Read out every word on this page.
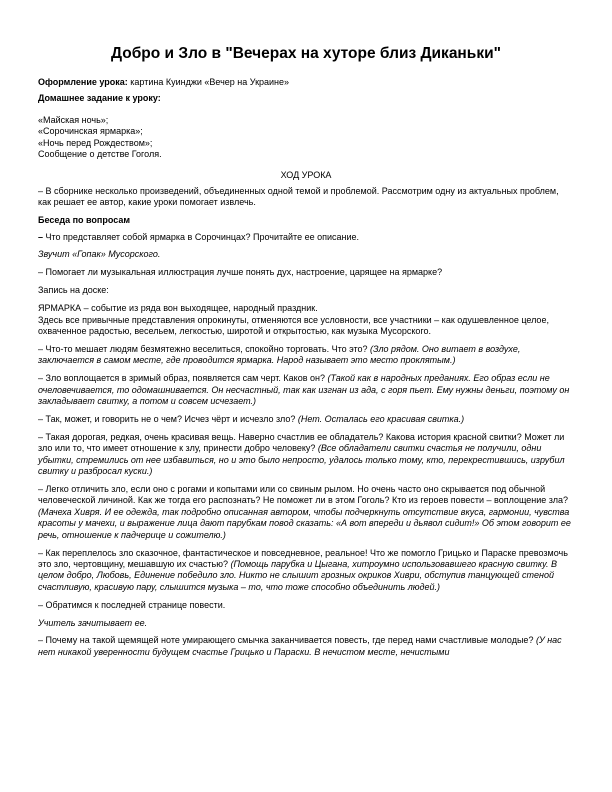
Добро и Зло в "Вечерах на хуторе близ Диканьки"

Оформление урока: картина Куинджи «Вечер на Украине»

Домашнее задание к уроку:

«Майская ночь»;
«Сорочинская ярмарка»;
«Ночь перед Рождеством»;
Сообщение о детстве Гоголя.

ХОД УРОКА

– В сборнике несколько произведений, объединенных одной темой и проблемой. Рассмотрим одну из актуальных проблем, как решает ее автор, какие уроки помогает извлечь.

Беседа по вопросам

– Что представляет собой ярмарка в Сорочинцах? Прочитайте ее описание.

Звучит «Гопак» Мусорского.

– Помогает ли музыкальная иллюстрация лучше понять дух, настроение, царящее на ярмарке?

Запись на доске:

ЯРМАРКА – событие из ряда вон выходящее, народный праздник.
Здесь все привычные представления опрокинуты, отменяются все условности, все участники – как одушевленное целое, охваченное радостью, весельем, легкостью, широтой и открытостью, как музыка Мусорского.

– Что-то мешает людям безмятежно веселиться, спокойно торговать. Что это? (Зло рядом. Оно витает в воздухе, заключается в самом месте, где проводится ярмарка. Народ называет это место проклятым.)

– Зло воплощается в зримый образ, появляется сам черт. Каков он? (Такой как в народных преданиях. Его образ если не очеловечивается, то одомашнивается. Он несчастный, так как изгнан из ада, с горя пьет. Ему нужны деньги, поэтому он закладывает свитку, а потом и совсем исчезает.)

– Так, может, и говорить не о чем? Исчез чёрт и исчезло зло? (Нет. Осталась его красивая свитка.)

– Такая дорогая, редкая, очень красивая вещь. Наверно счастлив ее обладатель? Какова история красной свитки? Может ли зло или то, что имеет отношение к злу, принести добро человеку? (Все обладатели свитки счастья не получили, одни убытки, стремились от нее избавиться, но и это было непросто, удалось только тому, кто, перекрестившись, изрубил свитку и разбросал куски.)

– Легко отличить зло, если оно с рогами и копытами или со свиным рылом. Но очень часто оно скрывается под обычной человеческой личиной. Как же тогда его распознать? Не поможет ли в этом Гоголь? Кто из героев повести – воплощение зла? (Мачеха Хивря. И ее одежда, так подробно описанная автором, чтобы подчеркнуть отсутствие вкуса, гармонии, чувства красоты у мачехи, и выражение лица дают парубкам повод сказать: «А вот впереди и дьявол сидит!» Об этом говорит ее речь, отношение к падчерице и сожителю.)

– Как переплелось зло сказочное, фантастическое и повседневное, реальное! Что же помогло Грицько и Параске превозмочь это зло, чертовщину, мешавшую их счастью? (Помощь парубка и Цыгана, хитроумно использовавшего красную свитку. В целом добро, Любовь, Единение победило зло. Никто не слышит грозных окриков Хиври, обступив танцующей стеной счастливую, красивую пару, слышится музыка – то, что тоже способно объединить людей.)

– Обратимся к последней странице повести.

Учитель зачитывает ее.

– Почему на такой щемящей ноте умирающего смычка заканчивается повесть, где перед нами счастливые молодые? (У нас нет никакой уверенности будущем счастье Грицько и Параски. В нечистом месте, нечистыми
